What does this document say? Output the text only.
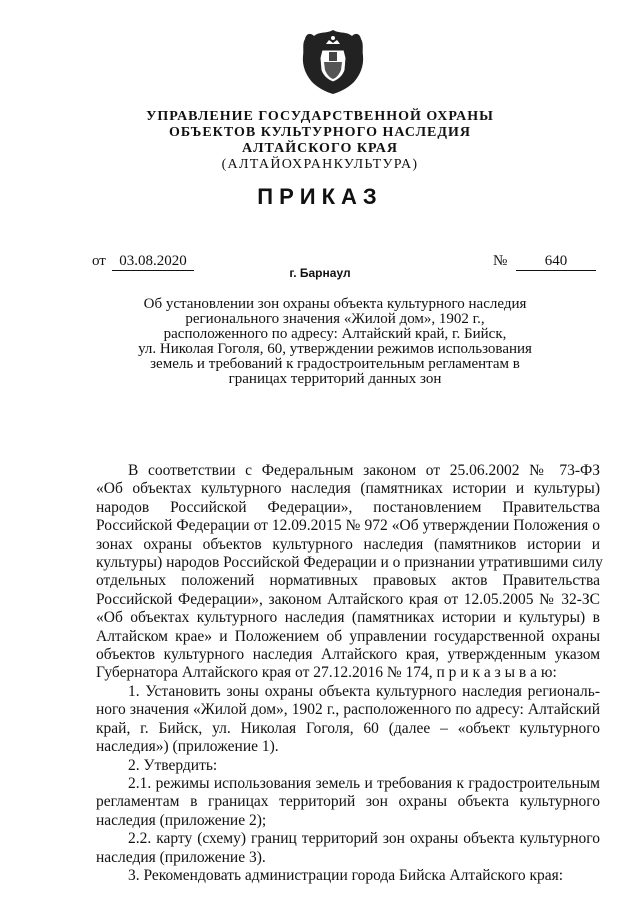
УПРАВЛЕНИЕ ГОСУДАРСТВЕННОЙ ОХРАНЫ
ОБЪЕКТОВ КУЛЬТУРНОГО НАСЛЕДИЯ
АЛТАЙСКОГО КРАЯ
(АЛТАЙОХРАНКУЛЬТУРА)
ПРИКАЗ
от 03.08.2020	№	640
г. Барнаул
Об установлении зон охраны объекта культурного наследия
регионального значения «Жилой дом», 1902 г.,
расположенного по адресу: Алтайский край, г. Бийск,
ул. Николая Гоголя, 60, утверждении режимов использования
земель и требований к градостроительным регламентам в
границах территорий данных зон
В соответствии с Федеральным законом от 25.06.2002 № 73-ФЗ
«Об объектах культурного наследия (памятниках истории и культуры)
народов Российской Федерации», постановлением Правительства
Российской Федерации от 12.09.2015 № 972 «Об утверждении Положения о
зонах охраны объектов культурного наследия (памятников истории и
культуры) народов Российской Федерации и о признании утратившими силу
отдельных положений нормативных правовых актов Правительства
Российской Федерации», законом Алтайского края от 12.05.2005 № 32-ЗС
«Об объектах культурного наследия (памятниках истории и культуры) в
Алтайском крае» и Положением об управлении государственной охраны
объектов культурного наследия Алтайского края, утвержденным указом
Губернатора Алтайского края от 27.12.2016 № 174, п р и к а з ы в а ю:
1. Установить зоны охраны объекта культурного наследия региональ-
ного значения «Жилой дом», 1902 г., расположенного по адресу: Алтайский
край, г. Бийск, ул. Николая Гоголя, 60 (далее – «объект культурного
наследия») (приложение 1).
2. Утвердить:
2.1. режимы использования земель и требования к градостроительным
регламентам в границах территорий зон охраны объекта культурного
наследия (приложение 2);
2.2. карту (схему) границ территорий зон охраны объекта культурного
наследия (приложение 3).
3. Рекомендовать администрации города Бийска Алтайского края:
